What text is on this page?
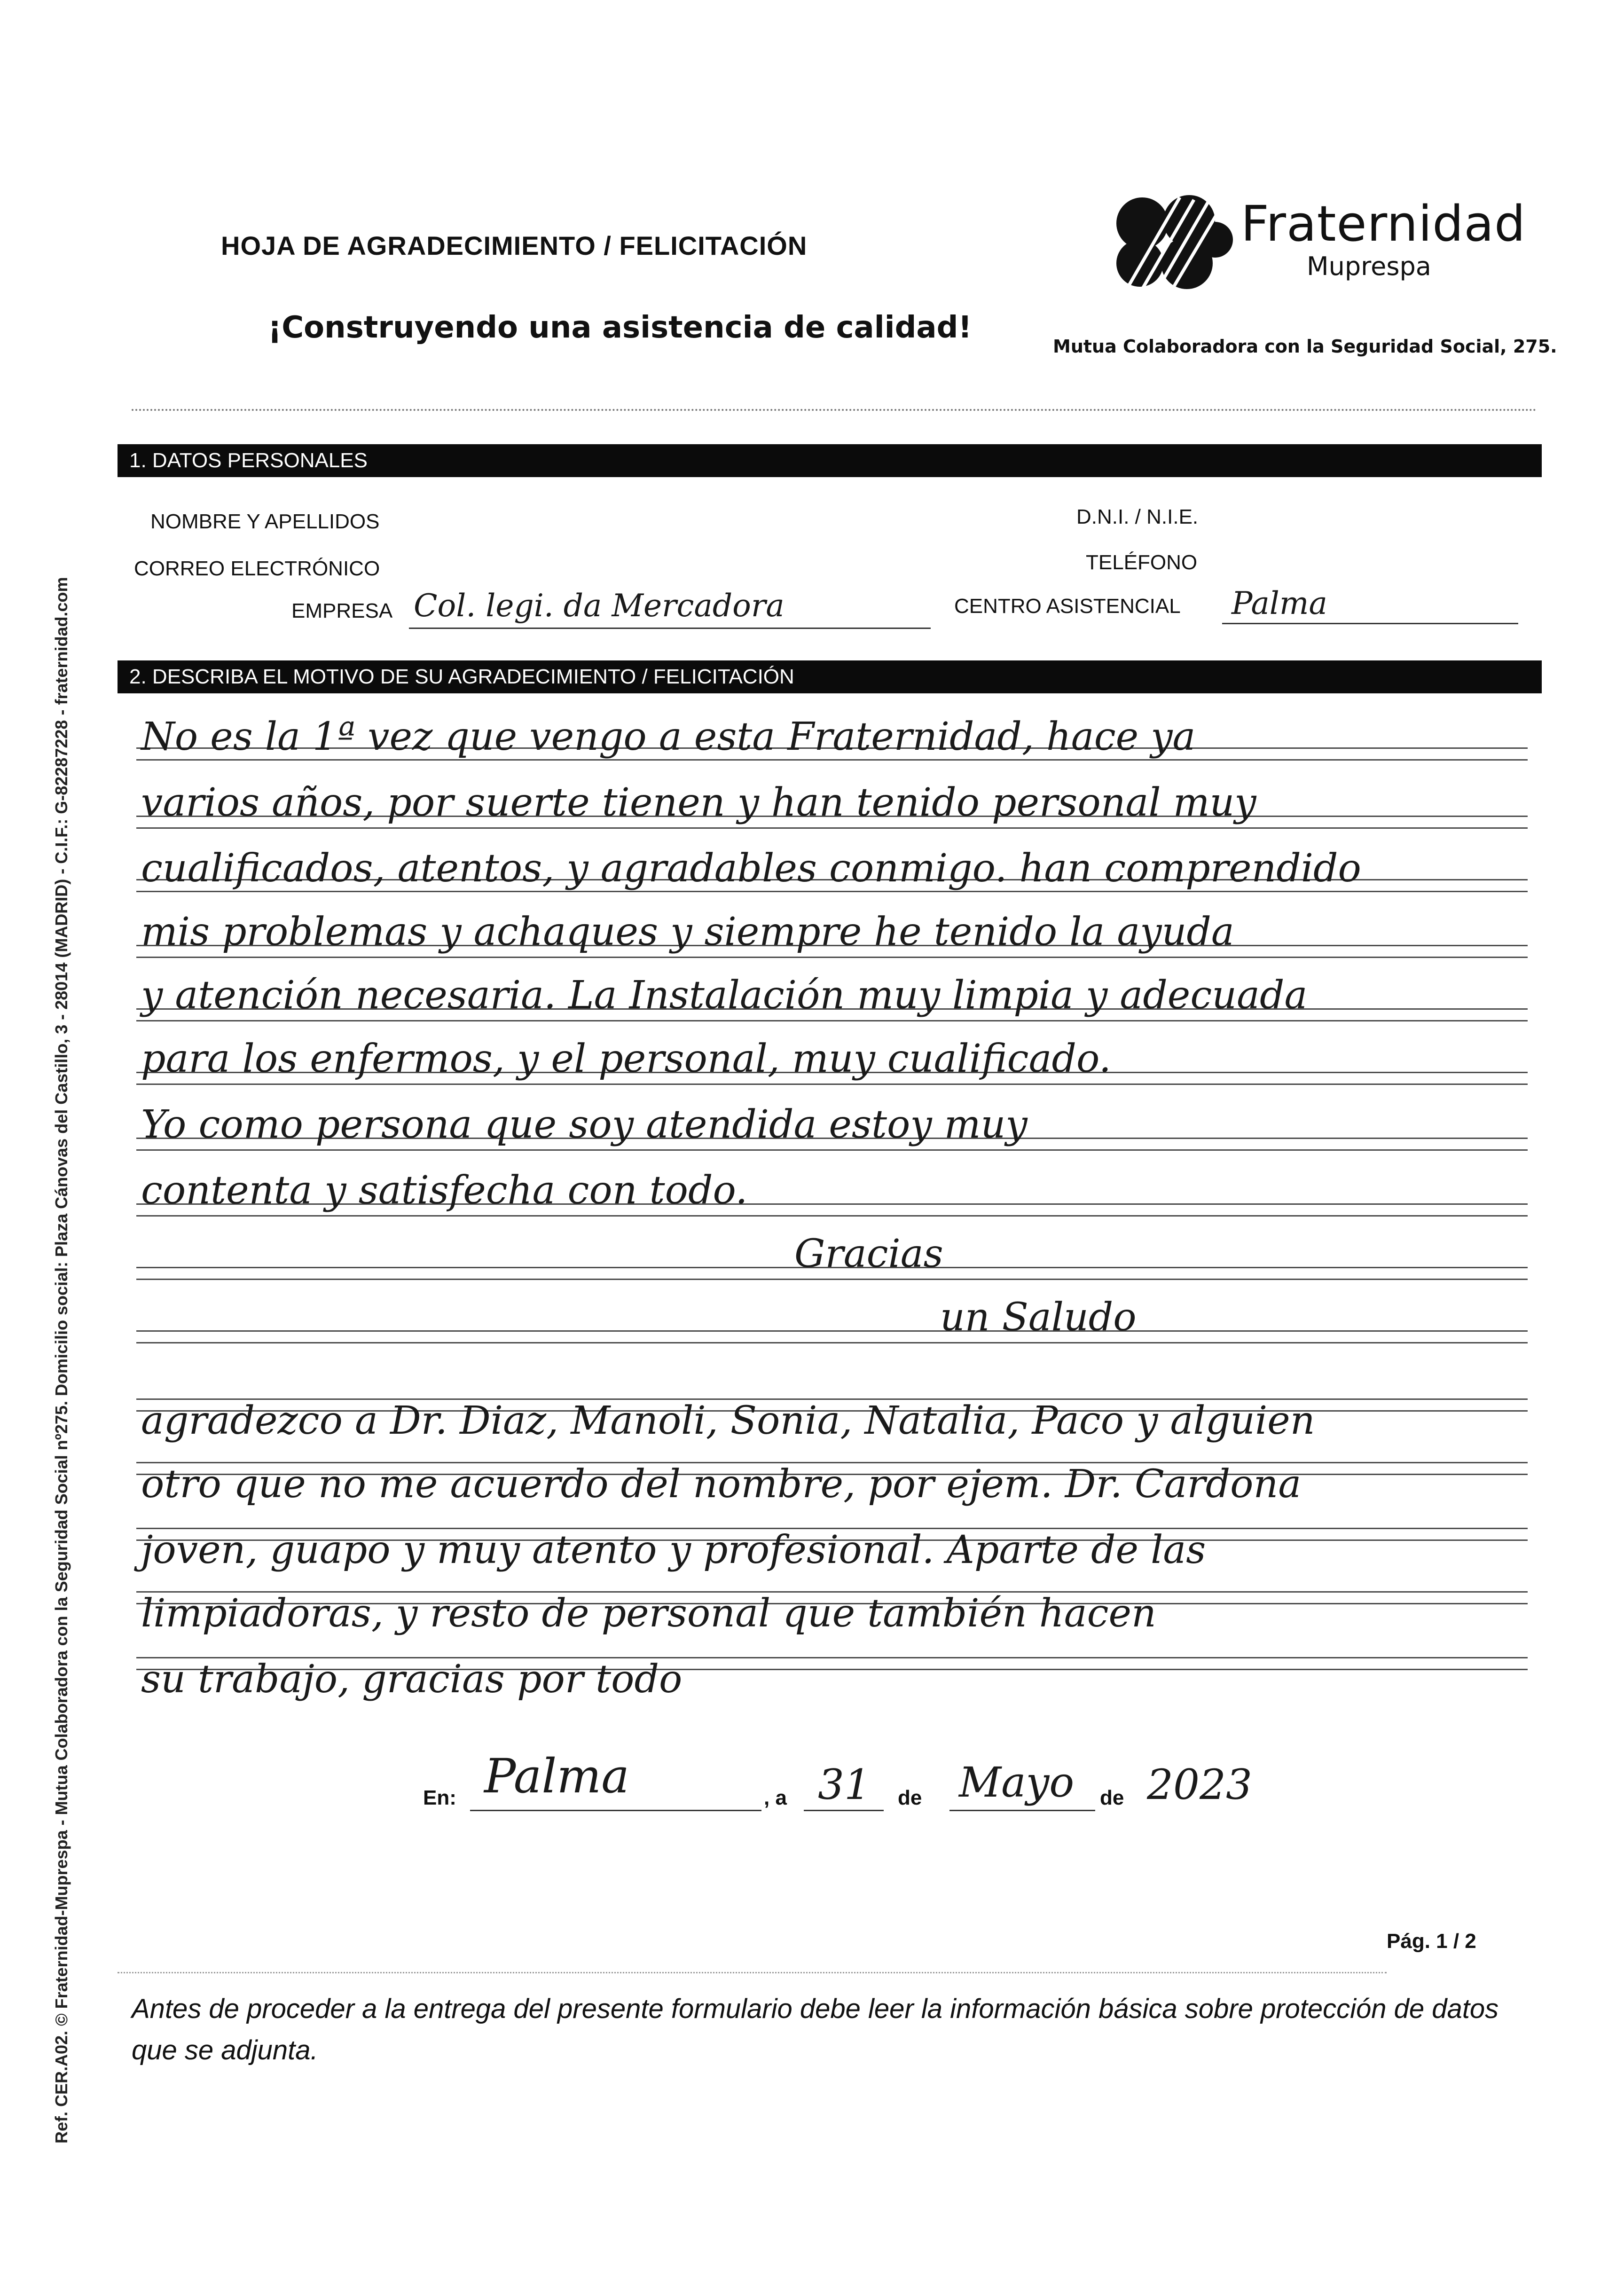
HOJA DE AGRADECIMIENTO / FELICITACIÓN
¡Construyendo una asistencia de calidad!
Fraternidad
Muprespa
Mutua Colaboradora con la Seguridad Social, 275.
1. DATOS PERSONALES
NOMBRE Y APELLIDOS	D.N.I. / N.I.E.
CORREO ELECTRÓNICO	TELÉFONO
EMPRESA Col. legi. da Mercadora	CENTRO ASISTENCIAL Palma
2. DESCRIBA EL MOTIVO DE SU AGRADECIMIENTO / FELICITACIÓN
No es la 1ª vez que vengo a esta Fraternidad, hace ya
varios años, por suerte tienen y han tenido personal muy
cualificados, atentos, y agradables conmigo. han comprendido
mis problemas y achaques y siempre he tenido la ayuda
y atención necesaria. La Instalación muy limpia y adecuada
para los enfermos, y el personal, muy cualificado.
Yo como persona que soy atendida estoy muy
contenta y satisfecha con todo.
Gracias
un Saludo
agradezco a Dr. Diaz, Manoli, Sonia, Natalia, Paco y alguien
otro que no me acuerdo del nombre, por ejem. Dr. Cardona
joven, guapo y muy atento y profesional. Aparte de las
limpiadoras, y resto de personal que también hacen
su trabajo, gracias por todo
En: Palma	, a 31 de Mayo de 2023
Pág. 1 / 2
Antes de proceder a la entrega del presente formulario debe leer la información básica sobre protección de datos que se adjunta.
Ref. CER.A02. © Fraternidad-Muprespa - Mutua Colaboradora con la Seguridad Social nº275. Domicilio social: Plaza Cánovas del Castillo, 3 - 28014 (MADRID) - C.I.F.: G-82287228 - fraternidad.com
